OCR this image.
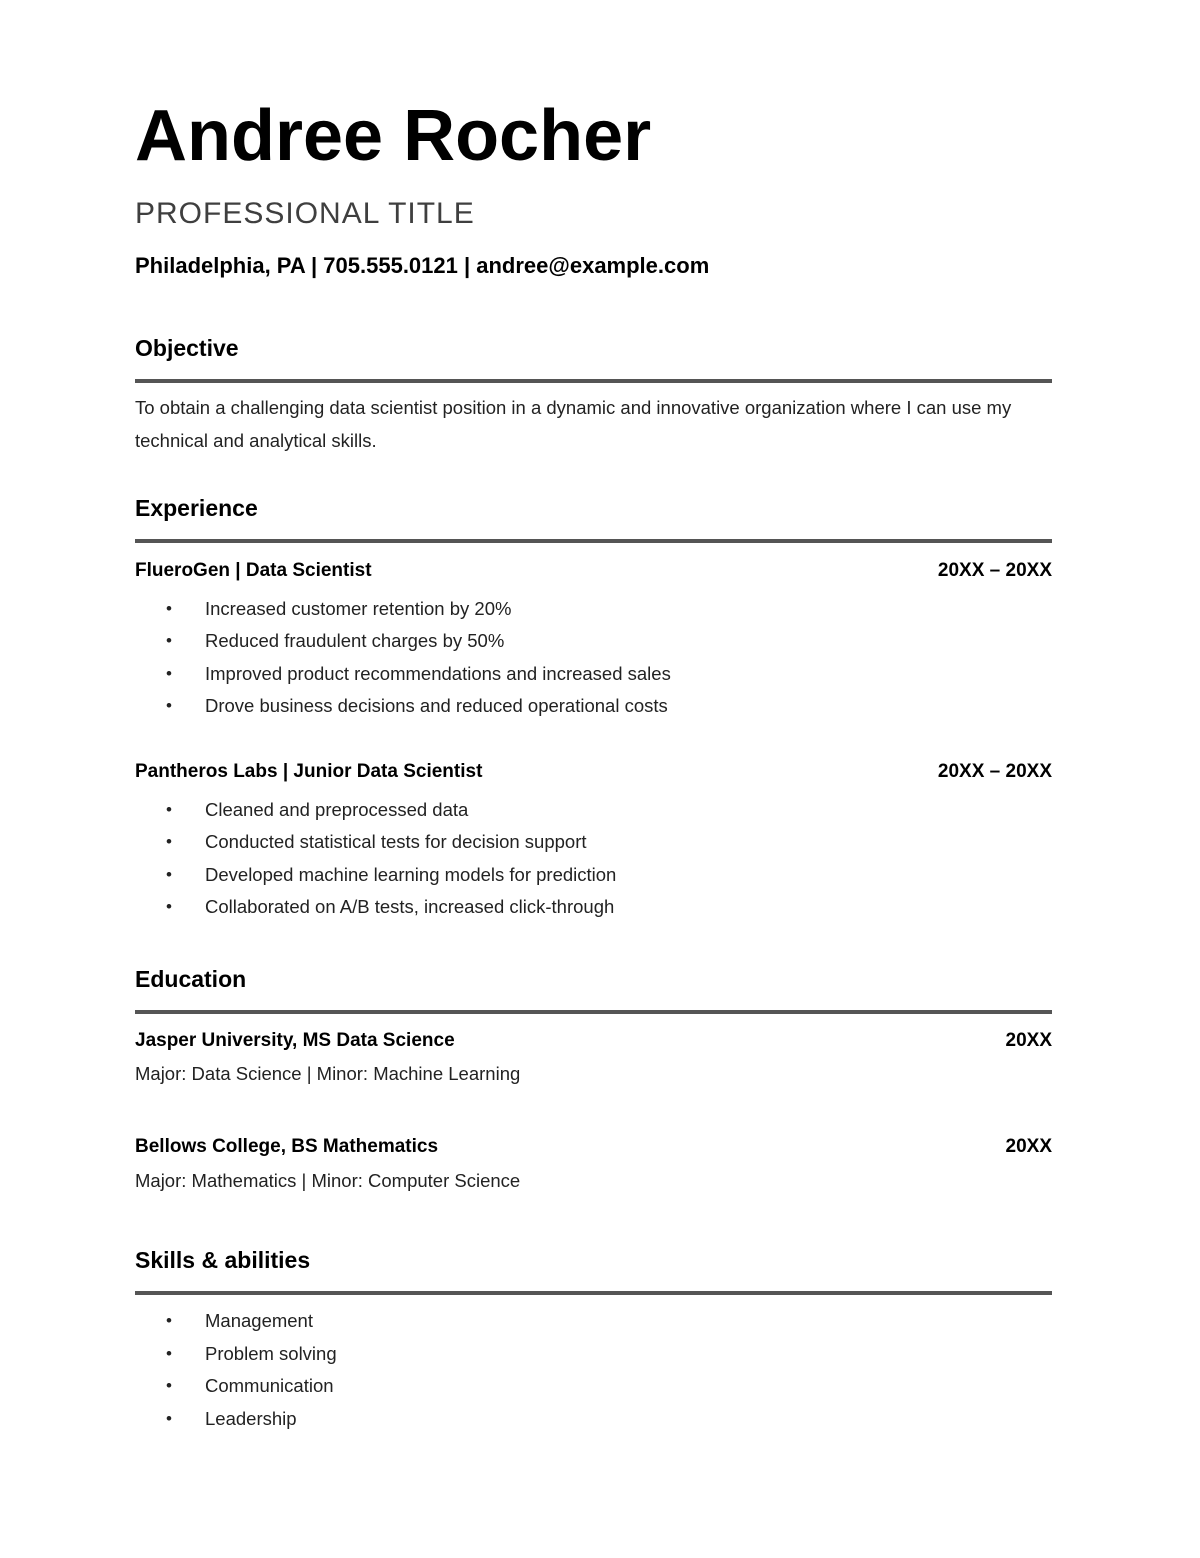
Andree Rocher
PROFESSIONAL TITLE
Philadelphia, PA | 705.555.0121 | andree@example.com
Objective

To obtain a challenging data scientist position in a dynamic and innovative organization where I can use my technical and analytical skills.

Experience
FlueroGen | Data Scientist	20XX – 20XX
• Increased customer retention by 20%
• Reduced fraudulent charges by 50%
• Improved product recommendations and increased sales
• Drove business decisions and reduced operational costs
Pantheros Labs | Junior Data Scientist	20XX – 20XX
• Cleaned and preprocessed data
• Conducted statistical tests for decision support
• Developed machine learning models for prediction
• Collaborated on A/B tests, increased click-through
Education
Jasper University, MS Data Science	20XX
Major: Data Science | Minor: Machine Learning
Bellows College, BS Mathematics	20XX
Major: Mathematics | Minor: Computer Science
Skills & abilities
• Management
• Problem solving
• Communication
• Leadership
